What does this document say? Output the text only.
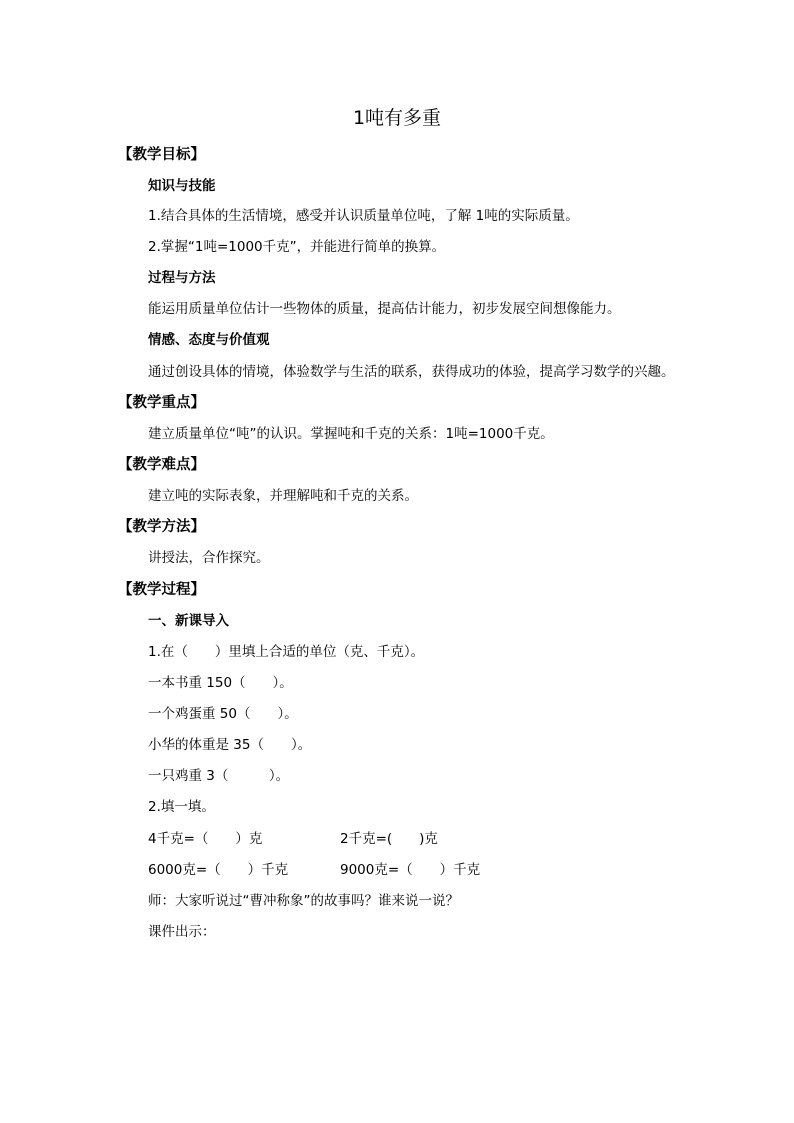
1吨有多重
【教学目标】
知识与技能
1.结合具体的生活情境，感受并认识质量单位吨，了解 1吨的实际质量。
2.掌握“1吨=1000千克”，并能进行简单的换算。
过程与方法
能运用质量单位估计一些物体的质量，提高估计能力，初步发展空间想像能力。
情感、态度与价值观
通过创设具体的情境，体验数学与生活的联系，获得成功的体验，提高学习数学的兴趣。
【教学重点】
建立质量单位“吨”的认识。掌握吨和千克的关系：1吨=1000千克。
【教学难点】
建立吨的实际表象，并理解吨和千克的关系。
【教学方法】
讲授法，合作探究。
【教学过程】
一、新课导入
1.在（　　）里填上合适的单位（克、千克）。
一本书重 150（　　）。
一个鸡蛋重 50（　　）。
小华的体重是 35（　　）。
一只鸡重 3（　　　）。
2.填一填。
4千克=（　　）克	2千克=(　　)克
6000克=（　　）千克	9000克=（　　）千克
师：大家听说过“曹冲称象”的故事吗？谁来说一说？
课件出示：
